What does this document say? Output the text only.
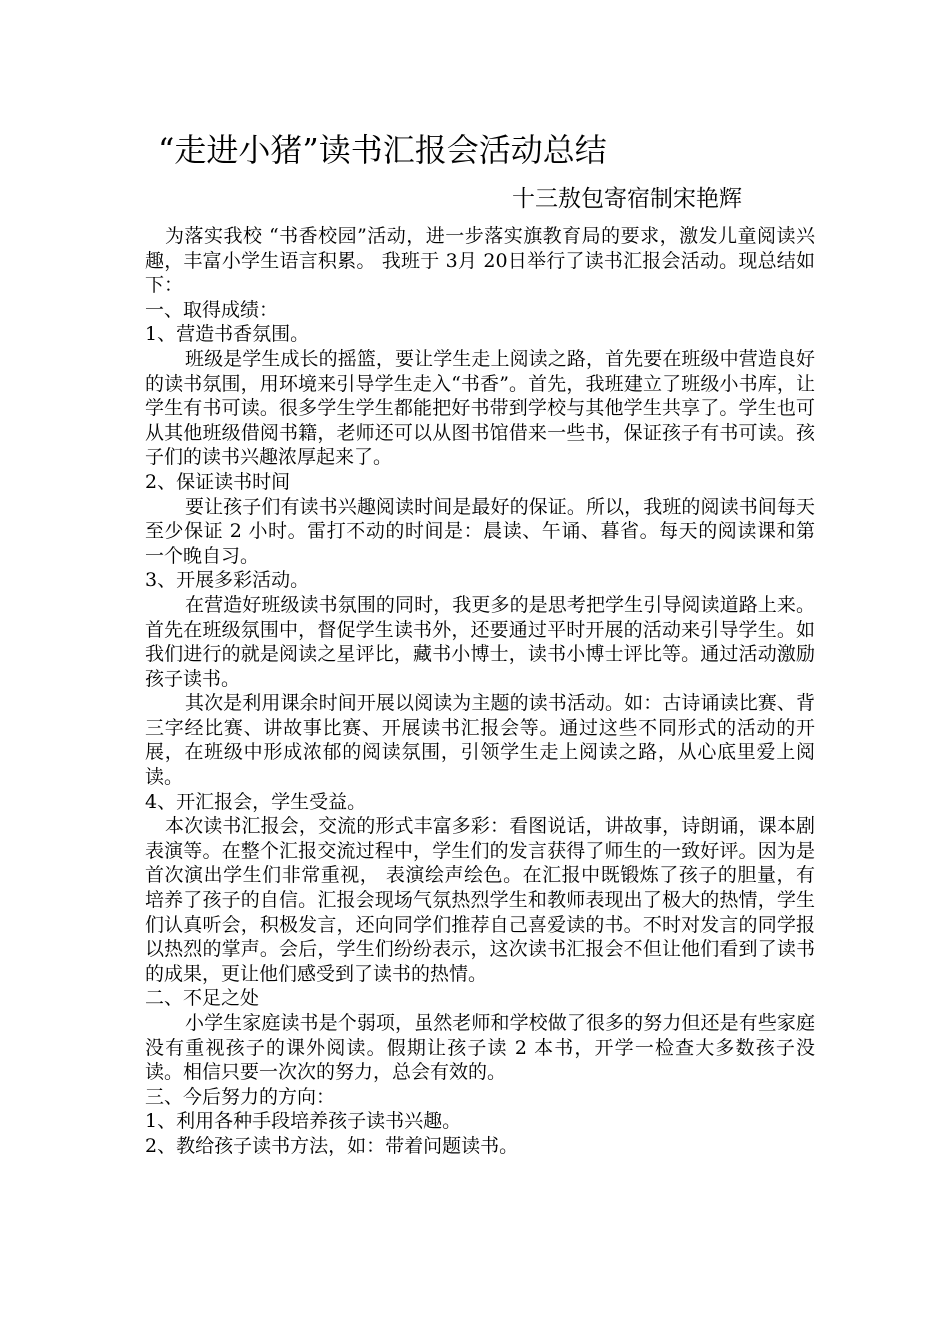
“走进小猪”读书汇报会活动总结
十三敖包寄宿制宋艳辉

为落实我校 “书香校园”活动，进一步落实旗教育局的要求，激发儿童阅读兴趣，丰富小学生语言积累。 我班于 3月 20日举行了读书汇报会活动。现总结如下：

一、取得成绩：

1、营造书香氛围。

班级是学生成长的摇篮，要让学生走上阅读之路，首先要在班级中营造良好的读书氛围，用环境来引导学生走入“书香”。首先，我班建立了班级小书库，让学生有书可读。很多学生学生都能把好书带到学校与其他学生共享了。学生也可从其他班级借阅书籍，老师还可以从图书馆借来一些书，保证孩子有书可读。孩子们的读书兴趣浓厚起来了。

2、保证读书时间

要让孩子们有读书兴趣阅读时间是最好的保证。所以，我班的阅读书间每天至少保证 2 小时。雷打不动的时间是：晨读、午诵、暮省。每天的阅读课和第一个晚自习。

3、开展多彩活动。

在营造好班级读书氛围的同时，我更多的是思考把学生引导阅读道路上来。首先在班级氛围中，督促学生读书外，还要通过平时开展的活动来引导学生。如我们进行的就是阅读之星评比，藏书小博士，读书小博士评比等。通过活动激励孩子读书。

其次是利用课余时间开展以阅读为主题的读书活动。如：古诗诵读比赛、背三字经比赛、讲故事比赛、开展读书汇报会等。通过这些不同形式的活动的开展，在班级中形成浓郁的阅读氛围，引领学生走上阅读之路，从心底里爱上阅读。

4、开汇报会，学生受益。

本次读书汇报会，交流的形式丰富多彩：看图说话，讲故事，诗朗诵，课本剧表演等。在整个汇报交流过程中，学生们的发言获得了师生的一致好评。因为是首次演出学生们非常重视， 表演绘声绘色。在汇报中既锻炼了孩子的胆量，有培养了孩子的自信。汇报会现场气氛热烈学生和教师表现出了极大的热情，学生们认真听会，积极发言，还向同学们推荐自己喜爱读的书。不时对发言的同学报以热烈的掌声。会后，学生们纷纷表示，这次读书汇报会不但让他们看到了读书的成果，更让他们感受到了读书的热情。

二、不足之处

小学生家庭读书是个弱项，虽然老师和学校做了很多的努力但还是有些家庭没有重视孩子的课外阅读。假期让孩子读 2 本书，开学一检查大多数孩子没读。相信只要一次次的努力，总会有效的。

三、今后努力的方向：

1、利用各种手段培养孩子读书兴趣。

2、教给孩子读书方法，如：带着问题读书。
